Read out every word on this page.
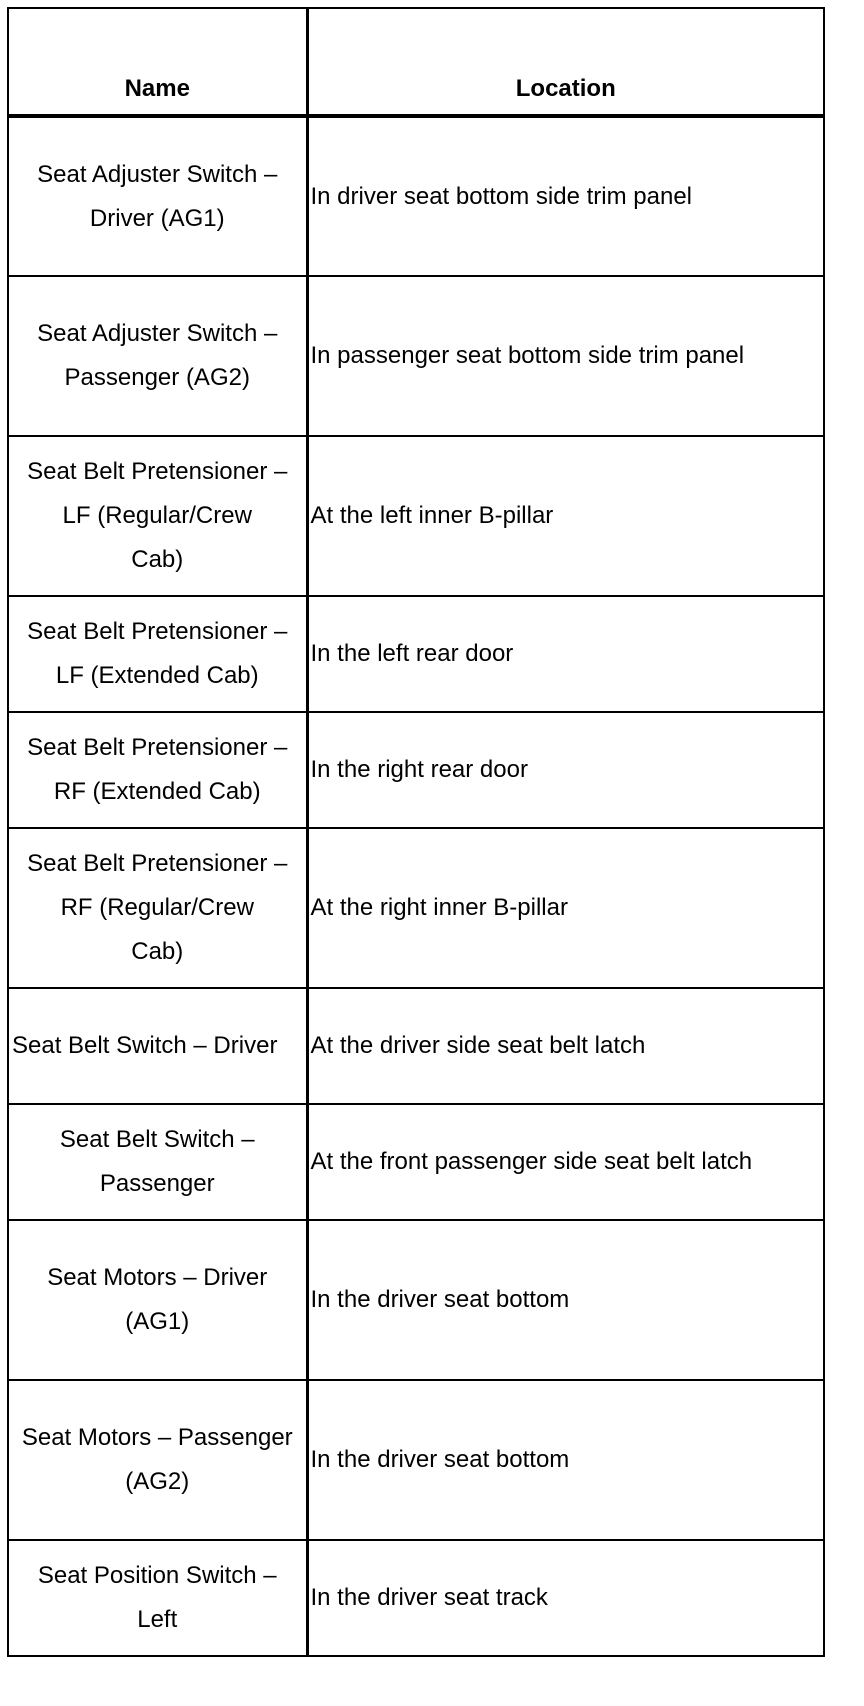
Name	Location
Seat Adjuster Switch –
Driver (AG1)	In driver seat bottom side trim panel
Seat Adjuster Switch –
Passenger (AG2)	In passenger seat bottom side trim panel
Seat Belt Pretensioner –
LF (Regular/Crew
Cab)	At the left inner B-pillar
Seat Belt Pretensioner –
LF (Extended Cab)	In the left rear door
Seat Belt Pretensioner –
RF (Extended Cab)	In the right rear door
Seat Belt Pretensioner –
RF (Regular/Crew
Cab)	At the right inner B-pillar
Seat Belt Switch – Driver	At the driver side seat belt latch
Seat Belt Switch –
Passenger	At the front passenger side seat belt latch
Seat Motors – Driver
(AG1)	In the driver seat bottom
Seat Motors – Passenger
(AG2)	In the driver seat bottom
Seat Position Switch –
Left	In the driver seat track
